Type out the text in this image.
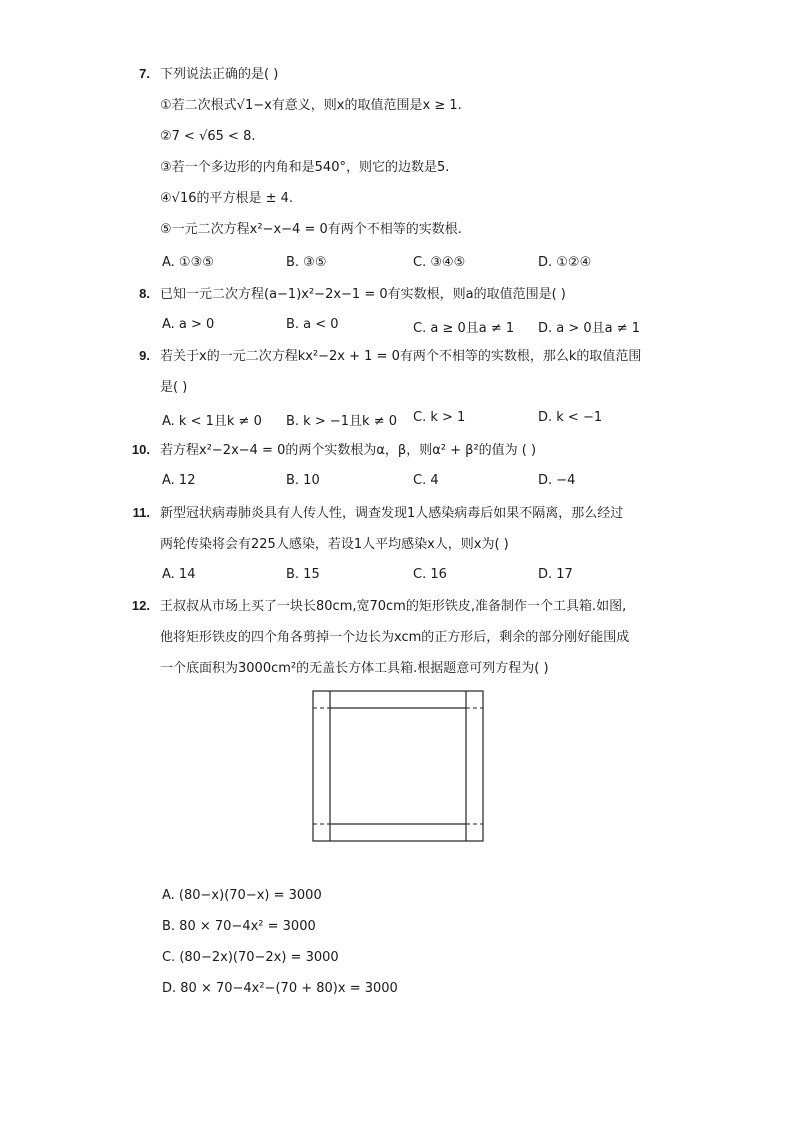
7. 下列说法正确的是( )
①若二次根式√1−x有意义，则x的取值范围是x ≥ 1.
②7 < √65 < 8.
③若一个多边形的内角和是540°，则它的边数是5.
④√16的平方根是 ± 4.
⑤一元二次方程x²−x−4 = 0有两个不相等的实数根.
A. ①③⑤	B. ③⑤	C. ③④⑤	D. ①②④
8. 已知一元二次方程(a−1)x²−2x−1 = 0有实数根，则a的取值范围是( )
A. a > 0	B. a < 0	C. a ≥ 0且a ≠ 1 D. a > 0且a ≠ 1
9. 若关于x的一元二次方程kx²−2x + 1 = 0有两个不相等的实数根，那么k的取值范围
是( )
A. k < 1且k ≠ 0 B. k > −1且k ≠ 0 C. k > 1	D. k < −1
10. 若方程x²−2x−4 = 0的两个实数根为α，β，则α² + β²的值为 ( )
A. 12	B. 10	C. 4	D. −4
11. 新型冠状病毒肺炎具有人传人性，调查发现1人感染病毒后如果不隔离，那么经过
两轮传染将会有225人感染，若设1人平均感染x人，则x为( )
A. 14	B. 15	C. 16	D. 17
12. 王叔叔从市场上买了一块长80cm,宽70cm的矩形铁皮,准备制作一个工具箱.如图,
他将矩形铁皮的四个角各剪掉一个边长为xcm的正方形后，剩余的部分刚好能围成
一个底面积为3000cm²的无盖长方体工具箱.根据题意可列方程为( )
A. (80−x)(70−x) = 3000
B. 80 × 70−4x² = 3000
C. (80−2x)(70−2x) = 3000
D. 80 × 70−4x²−(70 + 80)x = 3000
